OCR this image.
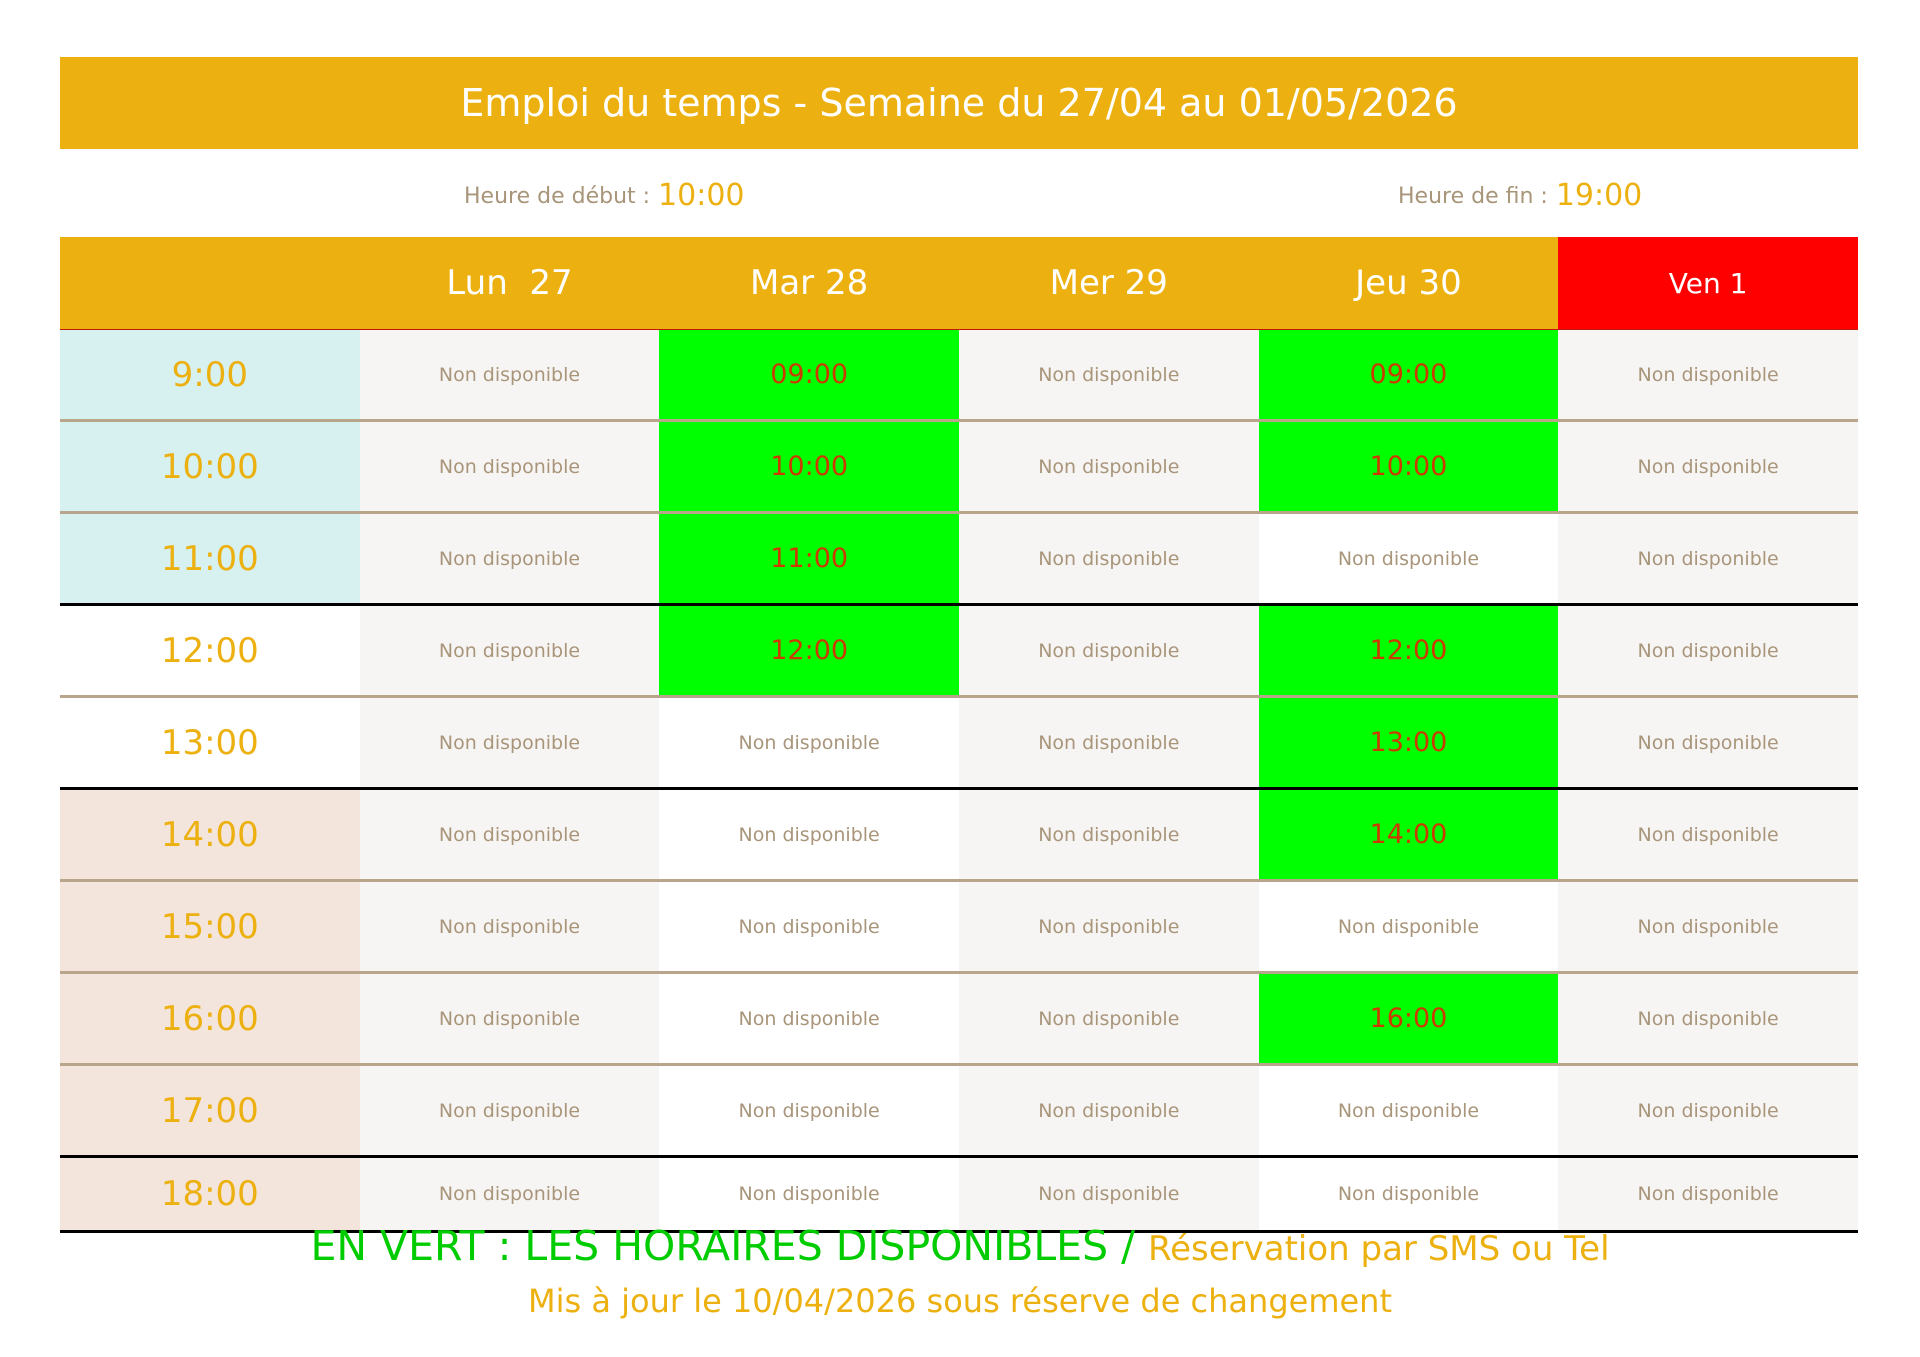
Emploi du temps - Semaine du 27/04 au 01/05/2026
Heure de début : 10:00	Heure de fin : 19:00
	Lun  27	Mar 28	Mer 29	Jeu 30	Ven 1
9:00	Non disponible	09:00	Non disponible	09:00	Non disponible
10:00	Non disponible	10:00	Non disponible	10:00	Non disponible
11:00	Non disponible	11:00	Non disponible	Non disponible	Non disponible
12:00	Non disponible	12:00	Non disponible	12:00	Non disponible
13:00	Non disponible	Non disponible	Non disponible	13:00	Non disponible
14:00	Non disponible	Non disponible	Non disponible	14:00	Non disponible
15:00	Non disponible	Non disponible	Non disponible	Non disponible	Non disponible
16:00	Non disponible	Non disponible	Non disponible	16:00	Non disponible
17:00	Non disponible	Non disponible	Non disponible	Non disponible	Non disponible
18:00	Non disponible	Non disponible	Non disponible	Non disponible	Non disponible
EN VERT : LES HORAIRES DISPONIBLES / Réservation par SMS ou Tel
Mis à jour le 10/04/2026 sous réserve de changement
